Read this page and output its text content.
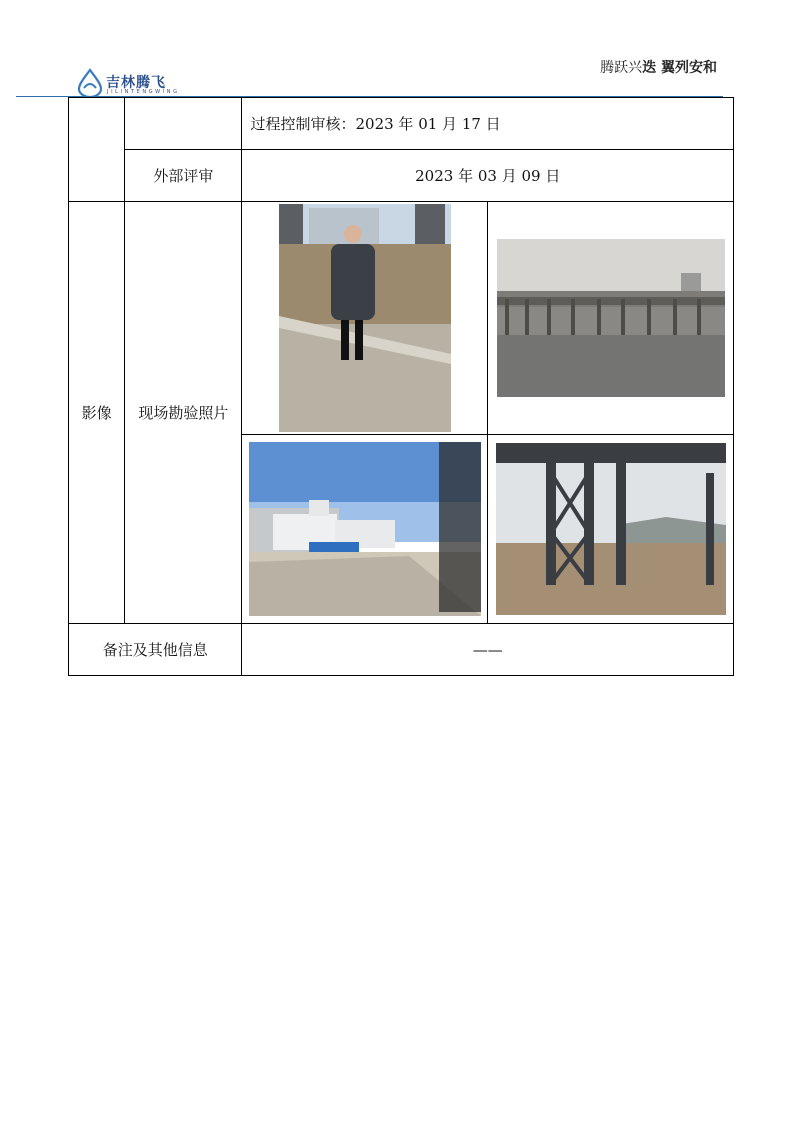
吉林腾飞
JILINTENGWING
腾跃兴迭 翼列安和
		过程控制审核：2023 年 01 月 17 日	
	外部评审	2023 年 03 月 09 日	
影像	现场勘验照片	

备注及其他信息		——	
